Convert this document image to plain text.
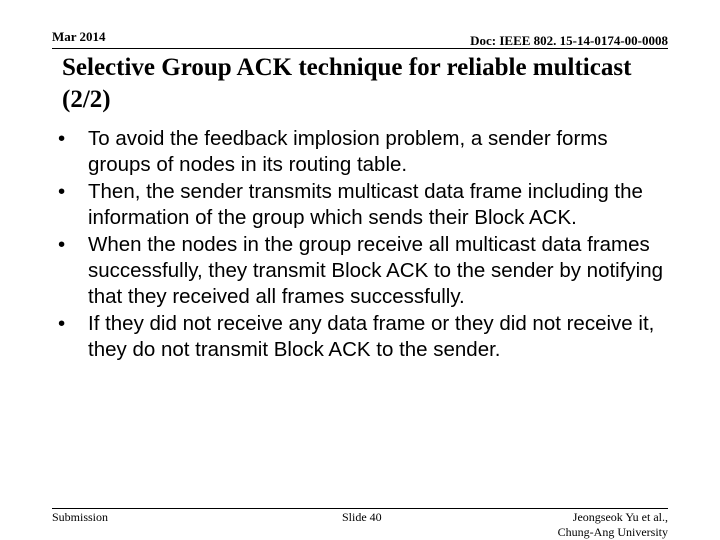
Mar 2014	Doc: IEEE 802. 15-14-0174-00-0008
Selective Group ACK technique for reliable multicast (2/2)
• To avoid the feedback implosion problem, a sender forms groups of nodes in its routing table.
• Then, the sender transmits multicast data frame including the information of the group which sends their Block ACK.
• When the nodes in the group receive all multicast data frames successfully, they transmit Block ACK to the sender by notifying that they received all frames successfully.
• If they did not receive any data frame or they did not receive it, they do not transmit Block ACK to the sender.
Submission	Slide 40	Jeongseok Yu et al.,
Chung-Ang University
